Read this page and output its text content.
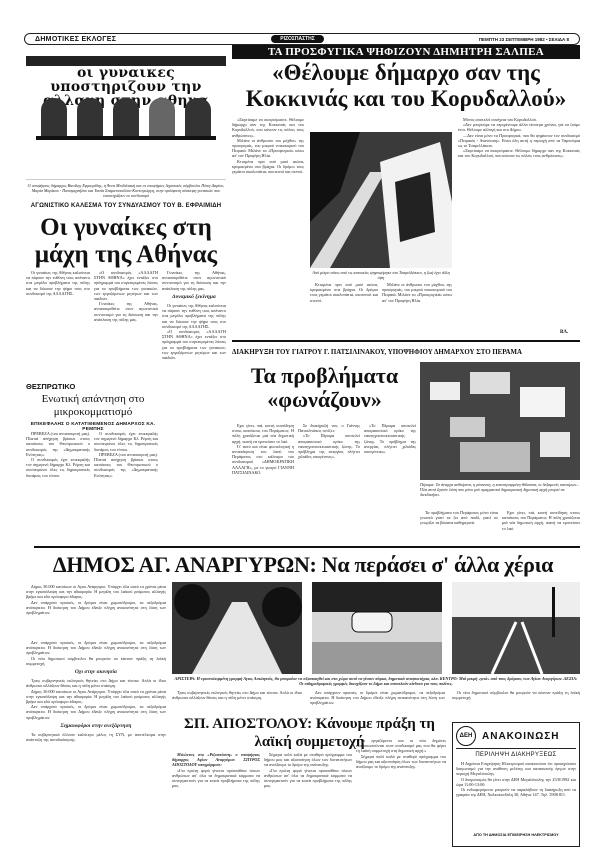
ΔΗΜΟΤΙΚΕΣ ΕΚΛΟΓΕΣ	ΡΙΖΟΣΠΑΣΤΗΣ	ΠΕΜΠΤΗ 23 ΣΕΠΤΕΜΒΡΗ 1982 • ΣΕΛΙΔΑ 8
οι γυναικες υποστηριζουν την αλλαγη αθηνα
Ο υποψήφιος δήμαρχος Βασίλης Εφραιμίδης, η Άννα Μπιδιλιακή και οι υποψήφιες δημοτικές σύμβουλοι Πόπη Δαρίου, Μαρία Μαρίκου - Παπαμιχαήλου και Τασία Σταματοπούλου-Κοντογιώργη, στην πρόσφατη σύσκεψη γυναικών που υποστηρίζουν το συνδυασμό
ΑΓΩΝΙΣΤΙΚΟ ΚΑΛΕΣΜΑ ΤΟΥ ΣΥΝΔΥΑΣΜΟΥ ΤΟΥ Β. ΕΦΡΑΙΜΙΔΗ
Οι γυναίκες στη μάχη της Αθήνας

Οι γυναίκες της Αθήνας καλούνται να πάρουν την ευθύνη τους απέναντι στα μεγάλα προβλήματα της πόλης και να δώσουν την ψήφο τους στο συνδυασμό της ΑΛΛΑΓΗΣ.

«Ο συνδυασμός «ΑΛΛΑΓΗ ΣΤΗΝ ΑΘΗΝΑ» έχει εντάξει στο πρόγραμμά του συγκεκριμένες λύσεις για τα προβλήματα των γυναικών, των εργαζόμενων μητέρων και των παιδιών.

Γυναίκες της Αθήνας, ανταποκριθείτε στον αγωνιστικό συντονισμό για τη διάσωση και την ανάπλαση της πόλης μας.

Γυναίκες της Αθήνας, ανταποκριθείτε στον αγωνιστικό συντονισμό για τη διάσωση και την ανάπλαση της πόλης μας.

Δυναμικό ξεκίνημα

Οι γυναίκες της Αθήνας καλούνται να πάρουν την ευθύνη τους απέναντι στα μεγάλα προβλήματα της πόλης και να δώσουν την ψήφο τους στο συνδυασμό της ΑΛΛΑΓΗΣ.

«Ο συνδυασμός «ΑΛΛΑΓΗ ΣΤΗΝ ΑΘΗΝΑ» έχει εντάξει στο πρόγραμμά του συγκεκριμένες λύσεις για τα προβλήματα των γυναικών, των εργαζόμενων μητέρων και των παιδιών.

ΘΕΣΠΡΩΤΙΚΟ
Ενωτική απάντηση στο μικροκομματισμό
ΕΠΙΚΕΦΑΛΗΣ Ο ΚΑΤΑΤΙΘΕΜΕΝΟΣ ΔΗΜΑΡΧΟΣ ΚΑ. ΡΕΜΠΗΣ

ΠΡΕΒΕΖΑ (του ανταποκριτή μας). Πλατιά απήχηση βρίσκει στους κατοίκους του Θεσπρωτικού ο συνδυασμός της «Δημοκρατικής Ενότητας».

Ο συνδυασμός έχει επικεφαλής τον σημερινό δήμαρχο Κλ. Ρέμπη και συσπειρώνει όλες τις δημοκρατικές δυνάμεις του τόπου.

Ο συνδυασμός έχει επικεφαλής τον σημερινό δήμαρχο Κλ. Ρέμπη και συσπειρώνει όλες τις δημοκρατικές δυνάμεις του τόπου.

ΠΡΕΒΕΖΑ (του ανταποκριτή μας). Πλατιά απήχηση βρίσκει στους κατοίκους του Θεσπρωτικού ο συνδυασμός της «Δημοκρατικής Ενότητας».

ΤΑ ΠΡΟΣΦΥΓΙΚΑ ΨΗΦΙΖΟΥΝ ΔΗΜΗΤΡΗ ΣΑΛΠΕΑ
«Θέλουμε δήμαρχο σαν της Κοκκινιάς και του Κορυδαλλού»

«Ξεφτίσαμε να σκεφτόμαστε. Θέλουμε δήμαρχο σαν της Κοκκινιάς και του Κορυδαλλού, που κάνουν τις πόλεις τους ανθρώπινες».

Μιλάνε οι άνθρωποι του μόχθου, της προσφυγιάς, του μικρού νοικοκυριού του Πειραιά. Μιλάνε τα «Προσφυγικά» κάτω απ' τον Προφήτη Ηλία.

Κτισμένα πριν από μισό αιώνα, κρεμασμένα στα βράχια. Οι δρόμοι τους γεμάτοι σκαλοπάτια, σκοτεινοί και στενοί.

Από μέτρο πάνω από τις κατοικίες ψηφοφόρηκε στο Τσαρελλάκειο, η ζωή έχει άλλη όψη

Κτισμένα πριν από μισό αιώνα, κρεμασμένα στα βράχια. Οι δρόμοι τους γεμάτοι σκαλοπάτια, σκοτεινοί και στενοί.

Μιλάνε οι άνθρωποι του μόχθου, της προσφυγιάς, του μικρού νοικοκυριού του Πειραιά. Μιλάνε τα «Προσφυγικά» κάτω απ' τον Προφήτη Ηλία.

Μόνος αποτελεί συνέχεια του Κορυδαλλού.

«Δεν μπορούμε να περιμένουμε άλλα τέσσερα χρόνια, γιά να ζούμε έτσι. Θέλουμε αλλαγή και στο Δήμο».

—Δεν είναι μόνο τα Προσφυγικά, που θα ψηφίσουν τον συνδυασμό «Πειραιάς - Ανανέωση». Είναι όλη αυτή η περιοχή από τα Ταμπούρια ως το Τσαρελλάκειο.

«Ξεφτίσαμε να σκεφτόμαστε. Θέλουμε δήμαρχο σαν της Κοκκινιάς και του Κορυδαλλού, που κάνουν τις πόλεις τους ανθρώπινες».

ΒΛ.
ΔΙΑΚΗΡΥΞΗ ΤΟΥ ΓΙΑΤΡΟΥ Γ. ΠΑΤΣΙΛΙΝΑΚΟΥ, ΥΠΟΨΗΦΙΟΥ ΔΗΜΑΡΧΟΥ ΣΤΟ ΠΕΡΑΜΑ
Τα προβλήματα «φωνάζουν»
Πέραμα: Τα άναρχα αυθαίρετα, η ρύπανση, η κατεστραμμένη θάλασσα, οι δεξαμενές καυσίμων... Όλα αυτά ζητούν λύση που μόνο μιά πραγματικά δημοκρατική δημοτική αρχή μπορεί να διεκδικήσει.

Εχει γίνει, πιά, κοινή συνείδηση στους κατοίκους του Περάματος: Η πόλη χρειάζεται μιά νέα δημοτική αρχή, ικανή να εμπνεύσει το λαό.

Γι' αυτό και είναι φυσιολογική η ανταπόκριση του λαού του Περάματος στο κάλεσμα του συνδυασμού «ΔΗΜΟΚΡΑΤΙΚΗ ΑΛΛΑΓΗ», με το γιατρό ΓΙΑΝΝΗ ΠΑΤΣΙΛΙΝΑΚΟ.

Σε διακήρυξή του, ο Γιάννης Πατσιλινάκος τονίζει:

«Το Πέραμα αποτελεί αποφασιστικό κρίκο της ναυπηγοεπισκευαστικής ζώνης. Το πρόβλημα της ανεργίας πλήττει χιλιάδες οικογένειες».

«Το Πέραμα αποτελεί αποφασιστικό κρίκο της ναυπηγοεπισκευαστικής ζώνης. Το πρόβλημα της ανεργίας πλήττει χιλιάδες οικογένειες».

Τα προβλήματα του Περάματος μόνο είναι γνωστά γιατί τα ζει από παιδί, γιατί σε γνωρίζει τα βάσανα καθημερινά.

Εχει γίνει, πιά, κοινή συνείδηση στους κατοίκους του Περάματος: Η πόλη χρειάζεται μιά νέα δημοτική αρχή, ικανή να εμπνεύσει το λαό.

ΔΗΜΟΣ ΑΓ. ΑΝΑΡΓΥΡΩΝ: Να περάσει σ' άλλα χέρια

Δήμος 30.000 κατοίκων οι Αγιοι Ανάργυροι. Υπάρχει όλα αυτά τα χρόνια μέσα στην εγκατάλειψη και την αδιαφορία. Η μεγάλη του λαϊκού ρεύματος αλλαγής βρήκε και εδώ πρόσφορο έδαφος.

Δεν υπάρχουν πρασιές, οι δρόμοι είναι χωματόδρομοι, τα πεζοδρόμια ανύπαρκτα. Η διοίκηση του Δήμου έδειξε πλήρη ανικανότητα στη λύση των προβλημάτων.

Δεν υπάρχουν πρασιές, οι δρόμοι είναι χωματόδρομοι, τα πεζοδρόμια ανύπαρκτα. Η διοίκηση του Δήμου έδειξε πλήρη ανικανότητα στη λύση των προβλημάτων.

Οι νέοι δημοτικοί σύμβουλοι θα μπορούν να κάνουν πράξη τη λαϊκή συμμετοχή.

Οχι στην ακινησία

Τρεις κυβερνητικές εκλογικές θητείες στο Δήμο και τίποτα. Απλά οι ίδιοι άνθρωποι αλλάζουν θέσεις και η πόλη μένει στάσιμη.

Δήμος 30.000 κατοίκων οι Αγιοι Ανάργυροι. Υπάρχει όλα αυτά τα χρόνια μέσα στην εγκατάλειψη και την αδιαφορία. Η μεγάλη του λαϊκού ρεύματος αλλαγής βρήκε και εδώ πρόσφορο έδαφος.

Δεν υπάρχουν πρασιές, οι δρόμοι είναι χωματόδρομοι, τα πεζοδρόμια ανύπαρκτα. Η διοίκηση του Δήμου έδειξε πλήρη ανικανότητα στη λύση των προβλημάτων.

Σημαιοφόροι στην ανεξάρτηση

Τα κυβερνητικά έλλειπε καλύτερο μέλος τη ΣΥΝ, με αποτέλεσμα στην ανάπτυξη της αυτοδιοίκησης.

ΑΡΙΣΤΕΡΑ: Η εγκαταλειμμένη γραμμή Αγιος Ασκληπιός, θα μπορούσε να αξιοποιηθεί και στα χώρο αυτό να γίνουν πάρκα, δημοτικά αναψυκτήρια, κλπ. ΚΕΝΤΡΟ: Μιά μικρή «γειά» από τους δρόμους των Αγίων Αναργύρων. ΔΕΞΙΑ: Οι σιδηροδρομικές γραμμές διασχίζουν το Δήμο και αποτελούν κίνδυνο για τους πολίτες.

Τρεις κυβερνητικές εκλογικές θητείες στο Δήμο και τίποτα. Απλά οι ίδιοι άνθρωποι αλλάζουν θέσεις και η πόλη μένει στάσιμη.

Δεν υπάρχουν πρασιές, οι δρόμοι είναι χωματόδρομοι, τα πεζοδρόμια ανύπαρκτα. Η διοίκηση του Δήμου έδειξε πλήρη ανικανότητα στη λύση των προβλημάτων.

Οι νέοι δημοτικοί σύμβουλοι θα μπορούν να κάνουν πράξη τη λαϊκή συμμετοχή.

ΣΠ. ΑΠΟΣΤΟΛΟΥ: Κάνουμε πράξη τη λαϊκή συμμετοχή

Μιλώντας στο «Ριζοσπάστη» ο υποψήφιος δήμαρχος Αγίων Αναργύρων ΣΠΥΡΟΣ ΑΠΟΣΤΟΛΟΥ υπογράμμισε:

«Για πρώτη φορά γίνεται προσπάθεια τόσων ανθρώπων απ' όλα τα δημοκρατικά κόμματα να συνεργαστούν για τα κοινά προβλήματα της πόλης μας.

Σήμερα πολύ καλά με σταθερό πρόγραμμα του δήμου μας και αξιοποίηση όλων των δυνατοτήτων να ανοίξουμε το δρόμο της ανάπτυξης.

«Για πρώτη φορά γίνεται προσπάθεια τόσων ανθρώπων απ' όλα τα δημοκρατικά κόμματα να συνεργαστούν για τα κοινά προβλήματα της πόλης μας.

Οι εργαζόμενοι και οι νέοι δημότες εκπροσωπούνται στον συνδυασμό μας που θα φέρει τη λαϊκή συμμετοχή στη δημοτική αρχή.»

Σήμερα πολύ καλά με σταθερό πρόγραμμα του δήμου μας και αξιοποίηση όλων των δυνατοτήτων να ανοίξουμε το δρόμο της ανάπτυξης.

ΔΕΗ ΑΝΑΚΟΙΝΩΣΗ
ΠΕΡΙΛΗΨΗ ΔΙΑΚΗΡΥΞΕΩΣ

Η Δημόσια Επιχείρηση Ηλεκτρισμού ανακοινώνει ότι προκηρύσσει διαγωνισμό για την ανάθεση μελέτης και κατασκευής έργων στην περιοχή Μεγαλόπολης.

Ο διαγωνισμός θα γίνει στην ΔΕΗ Μεγαλόπολης την 25/8/1982 και ώρα 11:00-13:00.

Οι ενδιαφερόμενοι μπορούν να παραλάβουν τη διακήρυξη από τα γραφεία της ΔΕΗ, Χαλκοκονδύλη 30, Αθήνα 147. Τηλ. 5908.811.

ΑΠΟ ΤΗ ΔΗΜΟΣΙΑ ΕΠΙΧΕΙΡΗΣΗ ΗΛΕΚΤΡΙΣΜΟΥ
